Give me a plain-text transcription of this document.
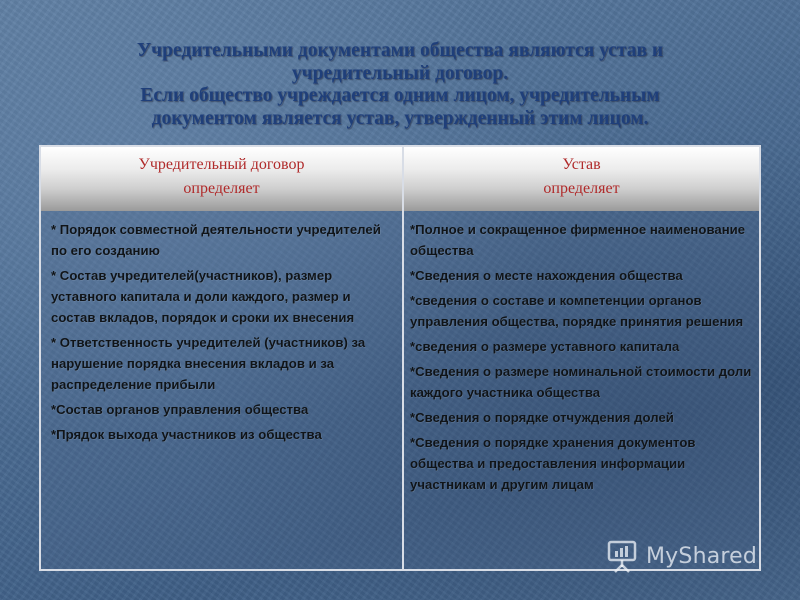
Учредительными документами общества являются устав и
учредительный договор.
Если общество учреждается одним лицом, учредительным
документом является устав, утвержденный этим лицом.
Учредительный договор
определяет
Устав
определяет
* Порядок совместной деятельности учредителей по его созданию
* Состав учредителей(участников), размер уставного капитала и доли каждого, размер и состав вкладов, порядок и сроки их внесения
* Ответственность учредителей (участников) за нарушение порядка внесения вкладов и за распределение прибыли
*Состав органов управления общества
*Прядок выхода участников из общества
*Полное и сокращенное фирменное наименование общества
*Сведения о месте нахождения общества
*сведения о составе и компетенции органов управления общества, порядке принятия решения
*сведения о размере уставного капитала
*Сведения о размере номинальной стоимости доли каждого участника общества
*Сведения о порядке отчуждения долей
*Сведения о порядке хранения документов общества и предоставления информации участникам и другим лицам
MyShared
